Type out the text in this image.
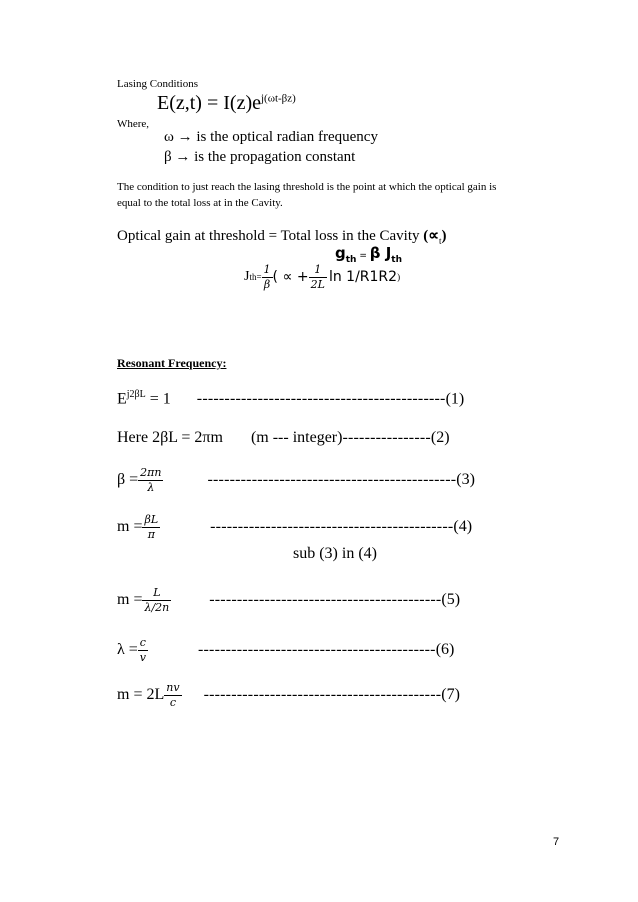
Lasing Conditions
$E(z,t) = I(z)e^{j(\omega t-\beta z)}$
Where,
ω → is the optical radian frequency
β → is the propagation constant
The condition to just reach the lasing threshold is the point at which the optical gain is
equal to the total loss at in the Cavity.
Optical gain at threshold = Total loss in the Cavity $(\propto_t)$
$g_{th} = \beta$ $J_{th}$
J th = $\frac{1}{\beta}$ ( ∝ + $\frac{1}{2L}$ ln 1/R1R2 )
Resonant Frequency:
$E^{j2\beta L} = 1$ ---------------------------------------------(1)
Here 2βL = 2πm (m --- integer)----------------(2)
$\beta = \frac{2\pi n}{\lambda}$	--------------------------------------------- (3)
$m = \frac{\beta L}{\pi}$	-------------------------------------------- (4)
sub (3) in (4)
$m = \frac{L}{\lambda/2n}$ ------------------------------------------ (5)
$\lambda = \frac{c}{v}$	------------------------------------------- (6)
$m = 2L \frac{nv}{c}$ ------------------------------------------- (7)
7
